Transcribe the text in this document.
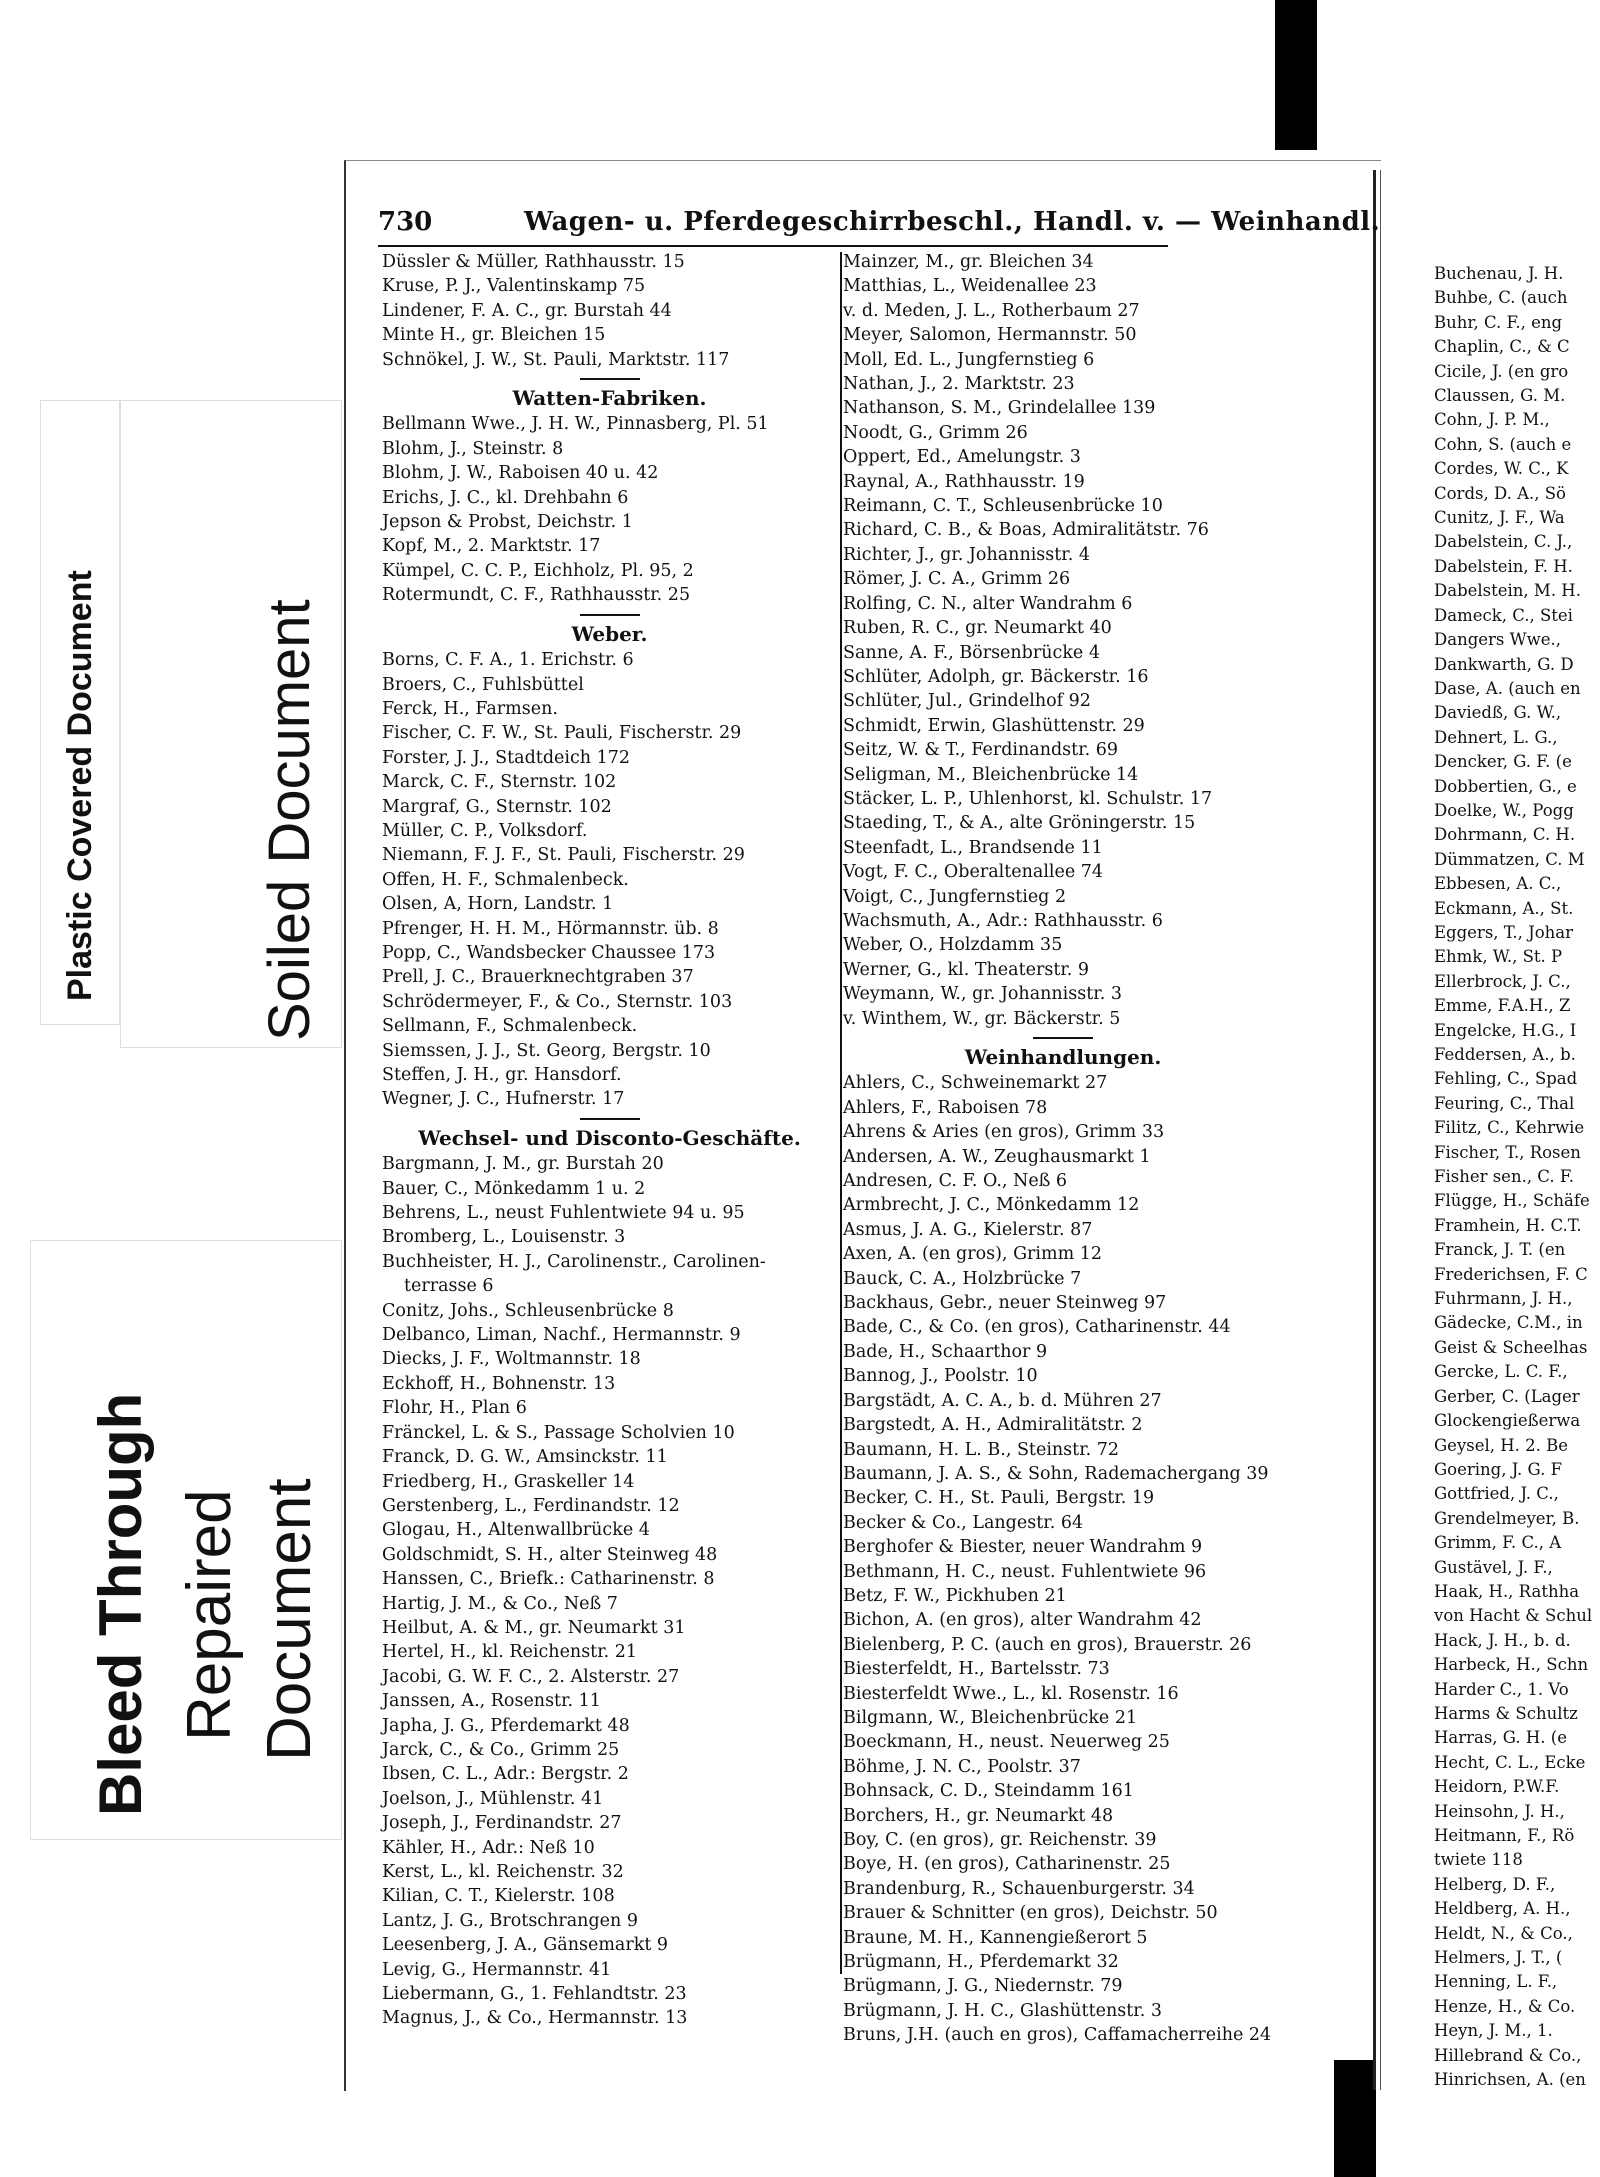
Plastic Covered Document	Soiled Document
Bleed Through Repaired Document
730	Wagen- u. Pferdegeschirrbeschl., Handl. v. — Weinhandl.
Düssler & Müller, Rathhausstr. 15
Kruse, P. J., Valentinskamp 75
Lindener, F. A. C., gr. Burstah 44
Minte H., gr. Bleichen 15
Schnökel, J. W., St. Pauli, Marktstr. 117
Watten-Fabriken.
Bellmann Wwe., J. H. W., Pinnasberg, Pl. 51
Blohm, J., Steinstr. 8
Blohm, J. W., Raboisen 40 u. 42
Erichs, J. C., kl. Drehbahn 6
Jepson & Probst, Deichstr. 1
Kopf, M., 2. Marktstr. 17
Kümpel, C. C. P., Eichholz, Pl. 95, 2
Rotermundt, C. F., Rathhausstr. 25
Weber.
Borns, C. F. A., 1. Erichstr. 6
Broers, C., Fuhlsbüttel
Ferck, H., Farmsen.
Fischer, C. F. W., St. Pauli, Fischerstr. 29
Forster, J. J., Stadtdeich 172
Marck, C. F., Sternstr. 102
Margraf, G., Sternstr. 102
Müller, C. P., Volksdorf.
Niemann, F. J. F., St. Pauli, Fischerstr. 29
Offen, H. F., Schmalenbeck.
Olsen, A, Horn, Landstr. 1
Pfrenger, H. H. M., Hörmannstr. üb. 8
Popp, C., Wandsbecker Chaussee 173
Prell, J. C., Brauerknechtgraben 37
Schrödermeyer, F., & Co., Sternstr. 103
Sellmann, F., Schmalenbeck.
Siemssen, J. J., St. Georg, Bergstr. 10
Steffen, J. H., gr. Hansdorf.
Wegner, J. C., Hufnerstr. 17
Wechsel- und Disconto-Geschäfte.
Bargmann, J. M., gr. Burstah 20
Bauer, C., Mönkedamm 1 u. 2
Behrens, L., neust Fuhlentwiete 94 u. 95
Bromberg, L., Louisenstr. 3
Buchheister, H. J., Carolinenstr., Carolinen-
terrasse 6
Conitz, Johs., Schleusenbrücke 8
Delbanco, Liman, Nachf., Hermannstr. 9
Diecks, J. F., Woltmannstr. 18
Eckhoff, H., Bohnenstr. 13
Flohr, H., Plan 6
Fränckel, L. & S., Passage Scholvien 10
Franck, D. G. W., Amsinckstr. 11
Friedberg, H., Graskeller 14
Gerstenberg, L., Ferdinandstr. 12
Glogau, H., Altenwallbrücke 4
Goldschmidt, S. H., alter Steinweg 48
Hanssen, C., Briefk.: Catharinenstr. 8
Hartig, J. M., & Co., Neß 7
Heilbut, A. & M., gr. Neumarkt 31
Hertel, H., kl. Reichenstr. 21
Jacobi, G. W. F. C., 2. Alsterstr. 27
Janssen, A., Rosenstr. 11
Japha, J. G., Pferdemarkt 48
Jarck, C., & Co., Grimm 25
Ibsen, C. L., Adr.: Bergstr. 2
Joelson, J., Mühlenstr. 41
Joseph, J., Ferdinandstr. 27
Kähler, H., Adr.: Neß 10
Kerst, L., kl. Reichenstr. 32
Kilian, C. T., Kielerstr. 108
Lantz, J. G., Brotschrangen 9
Leesenberg, J. A., Gänsemarkt 9
Levig, G., Hermannstr. 41
Liebermann, G., 1. Fehlandtstr. 23
Magnus, J., & Co., Hermannstr. 13
Mainzer, M., gr. Bleichen 34
Matthias, L., Weidenallee 23
v. d. Meden, J. L., Rotherbaum 27
Meyer, Salomon, Hermannstr. 50
Moll, Ed. L., Jungfernstieg 6
Nathan, J., 2. Marktstr. 23
Nathanson, S. M., Grindelallee 139
Noodt, G., Grimm 26
Oppert, Ed., Amelungstr. 3
Raynal, A., Rathhausstr. 19
Reimann, C. T., Schleusenbrücke 10
Richard, C. B., & Boas, Admiralitätstr. 76
Richter, J., gr. Johannisstr. 4
Römer, J. C. A., Grimm 26
Rolfing, C. N., alter Wandrahm 6
Ruben, R. C., gr. Neumarkt 40
Sanne, A. F., Börsenbrücke 4
Schlüter, Adolph, gr. Bäckerstr. 16
Schlüter, Jul., Grindelhof 92
Schmidt, Erwin, Glashüttenstr. 29
Seitz, W. & T., Ferdinandstr. 69
Seligman, M., Bleichenbrücke 14
Stäcker, L. P., Uhlenhorst, kl. Schulstr. 17
Staeding, T., & A., alte Gröningerstr. 15
Steenfadt, L., Brandsende 11
Vogt, F. C., Oberaltenallee 74
Voigt, C., Jungfernstieg 2
Wachsmuth, A., Adr.: Rathhausstr. 6
Weber, O., Holzdamm 35
Werner, G., kl. Theaterstr. 9
Weymann, W., gr. Johannisstr. 3
v. Winthem, W., gr. Bäckerstr. 5
Weinhandlungen.
Ahlers, C., Schweinemarkt 27
Ahlers, F., Raboisen 78
Ahrens & Aries (en gros), Grimm 33
Andersen, A. W., Zeughausmarkt 1
Andresen, C. F. O., Neß 6
Armbrecht, J. C., Mönkedamm 12
Asmus, J. A. G., Kielerstr. 87
Axen, A. (en gros), Grimm 12
Bauck, C. A., Holzbrücke 7
Backhaus, Gebr., neuer Steinweg 97
Bade, C., & Co. (en gros), Catharinenstr. 44
Bade, H., Schaarthor 9
Bannog, J., Poolstr. 10
Bargstädt, A. C. A., b. d. Mühren 27
Bargstedt, A. H., Admiralitätstr. 2
Baumann, H. L. B., Steinstr. 72
Baumann, J. A. S., & Sohn, Rademachergang 39
Becker, C. H., St. Pauli, Bergstr. 19
Becker & Co., Langestr. 64
Berghofer & Biester, neuer Wandrahm 9
Bethmann, H. C., neust. Fuhlentwiete 96
Betz, F. W., Pickhuben 21
Bichon, A. (en gros), alter Wandrahm 42
Bielenberg, P. C. (auch en gros), Brauerstr. 26
Biesterfeldt, H., Bartelsstr. 73
Biesterfeldt Wwe., L., kl. Rosenstr. 16
Bilgmann, W., Bleichenbrücke 21
Boeckmann, H., neust. Neuerweg 25
Böhme, J. N. C., Poolstr. 37
Bohnsack, C. D., Steindamm 161
Borchers, H., gr. Neumarkt 48
Boy, C. (en gros), gr. Reichenstr. 39
Boye, H. (en gros), Catharinenstr. 25
Brandenburg, R., Schauenburgerstr. 34
Brauer & Schnitter (en gros), Deichstr. 50
Braune, M. H., Kannengießerort 5
Brügmann, H., Pferdemarkt 32
Brügmann, J. G., Niedernstr. 79
Brügmann, J. H. C., Glashüttenstr. 3
Bruns, J.H. (auch en gros), Caffamacherreihe 24
Buchenau, J. H.
Buhbe, C. (auch
Buhr, C. F., eng
Chaplin, C., & C
Cicile, J. (en gro
Claussen, G. M.
Cohn, J. P. M.,
Cohn, S. (auch e
Cordes, W. C., K
Cords, D. A., Sö
Cunitz, J. F., Wa
Dabelstein, C. J.,
Dabelstein, F. H.
Dabelstein, M. H.
Dameck, C., Stei
Dangers Wwe.,
Dankwarth, G. D
Dase, A. (auch en
Daviedß, G. W.,
Dehnert, L. G.,
Dencker, G. F. (e
Dobbertien, G., e
Doelke, W., Pogg
Dohrmann, C. H.
Dümmatzen, C. M
Ebbesen, A. C.,
Eckmann, A., St.
Eggers, T., Johar
Ehmk, W., St. P
Ellerbrock, J. C.,
Emme, F.A.H., Z
Engelcke, H.G., I
Feddersen, A., b.
Fehling, C., Spad
Feuring, C., Thal
Filitz, C., Kehrwie
Fischer, T., Rosen
Fisher sen., C. F.
Flügge, H., Schäfe
Framhein, H. C.T.
Franck, J. T. (en
Frederichsen, F. C
Fuhrmann, J. H.,
Gädecke, C.M., in
Geist & Scheelhas
Gercke, L. C. F.,
Gerber, C. (Lager
Glockengießerwa
Geysel, H. 2. Be
Goering, J. G. F
Gottfried, J. C.,
Grendelmeyer, B.
Grimm, F. C., A
Gustävel, J. F.,
Haak, H., Rathha
von Hacht & Schul
Hack, J. H., b. d.
Harbeck, H., Schn
Harder C., 1. Vo
Harms & Schultz
Harras, G. H. (e
Hecht, C. L., Ecke
Heidorn, P.W.F.
Heinsohn, J. H.,
Heitmann, F., Rö
twiete 118
Helberg, D. F.,
Heldberg, A. H.,
Heldt, N., & Co.,
Helmers, J. T., (
Henning, L. F.,
Henze, H., & Co.
Heyn, J. M., 1.
Hillebrand & Co.,
Hinrichsen, A. (en
